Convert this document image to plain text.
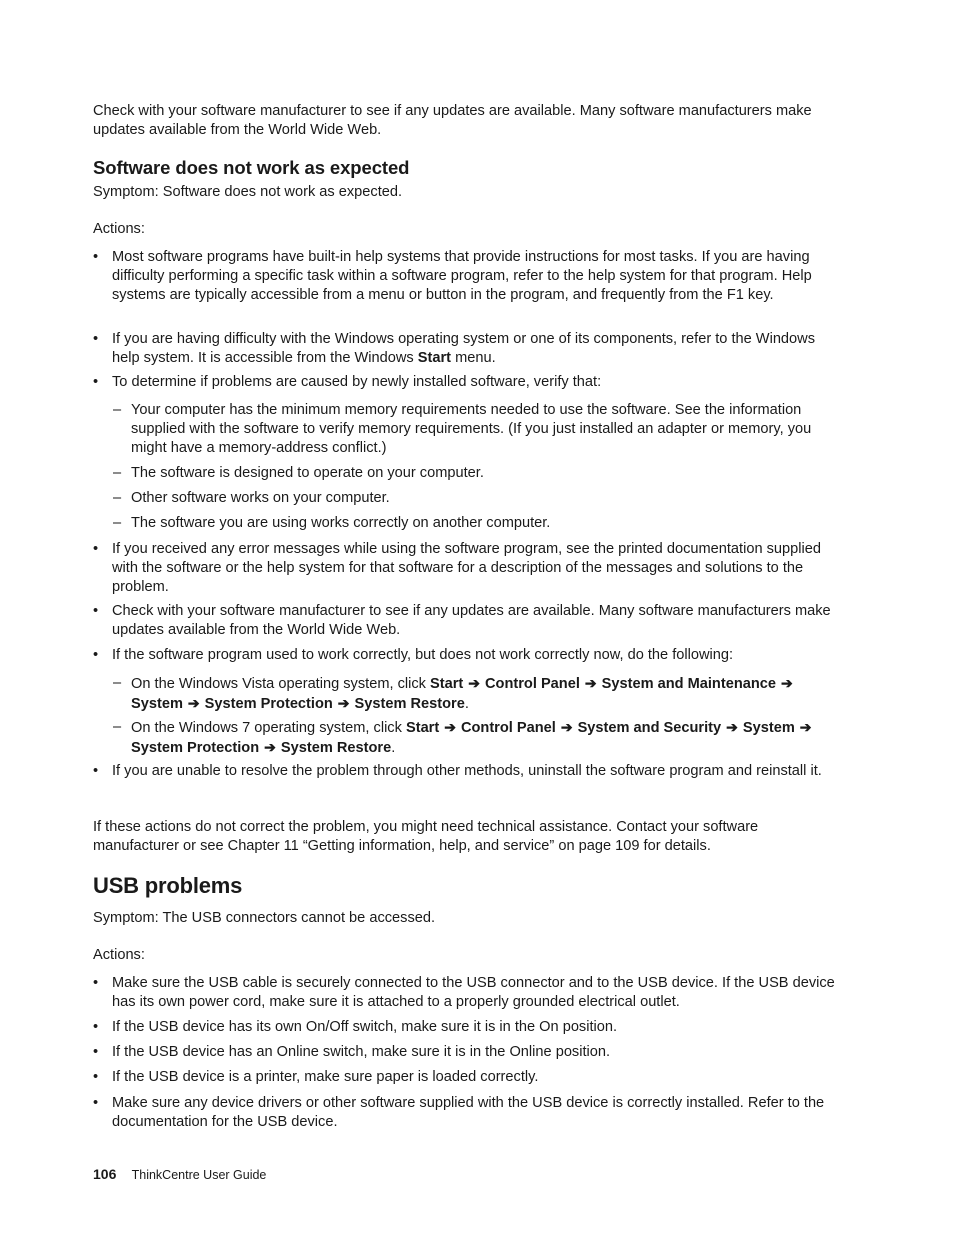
Check with your software manufacturer to see if any updates are available. Many software manufacturers make updates available from the World Wide Web.

Software does not work as expected

Symptom: Software does not work as expected.

Actions:

• Most software programs have built-in help systems that provide instructions for most tasks. If you are having difficulty performing a specific task within a software program, refer to the help system for that program. Help systems are typically accessible from a menu or button in the program, and frequently from the F1 key.
• If you are having difficulty with the Windows operating system or one of its components, refer to the Windows help system. It is accessible from the Windows Start menu.
• To determine if problems are caused by newly installed software, verify that:
– Your computer has the minimum memory requirements needed to use the software. See the information supplied with the software to verify memory requirements. (If you just installed an adapter or memory, you might have a memory-address conflict.)
– The software is designed to operate on your computer.
– Other software works on your computer.
– The software you are using works correctly on another computer.
• If you received any error messages while using the software program, see the printed documentation supplied with the software or the help system for that software for a description of the messages and solutions to the problem.
• Check with your software manufacturer to see if any updates are available. Many software manufacturers make updates available from the World Wide Web.
• If the software program used to work correctly, but does not work correctly now, do the following:
– On the Windows Vista operating system, click Start ➔ Control Panel ➔ System and Maintenance ➔System ➔ System Protection ➔ System Restore.
– On the Windows 7 operating system, click Start ➔ Control Panel ➔ System and Security ➔ System ➔System Protection ➔ System Restore.
• If you are unable to resolve the problem through other methods, uninstall the software program and reinstall it.

If these actions do not correct the problem, you might need technical assistance. Contact your software manufacturer or see Chapter 11 “Getting information, help, and service” on page 109 for details.

USB problems

Symptom: The USB connectors cannot be accessed.

Actions:

• Make sure the USB cable is securely connected to the USB connector and to the USB device. If the USB device has its own power cord, make sure it is attached to a properly grounded electrical outlet.
• If the USB device has its own On/Off switch, make sure it is in the On position.
• If the USB device has an Online switch, make sure it is in the Online position.
• If the USB device is a printer, make sure paper is loaded correctly.
• Make sure any device drivers or other software supplied with the USB device is correctly installed. Refer to the documentation for the USB device.
106 ThinkCentre User Guide
